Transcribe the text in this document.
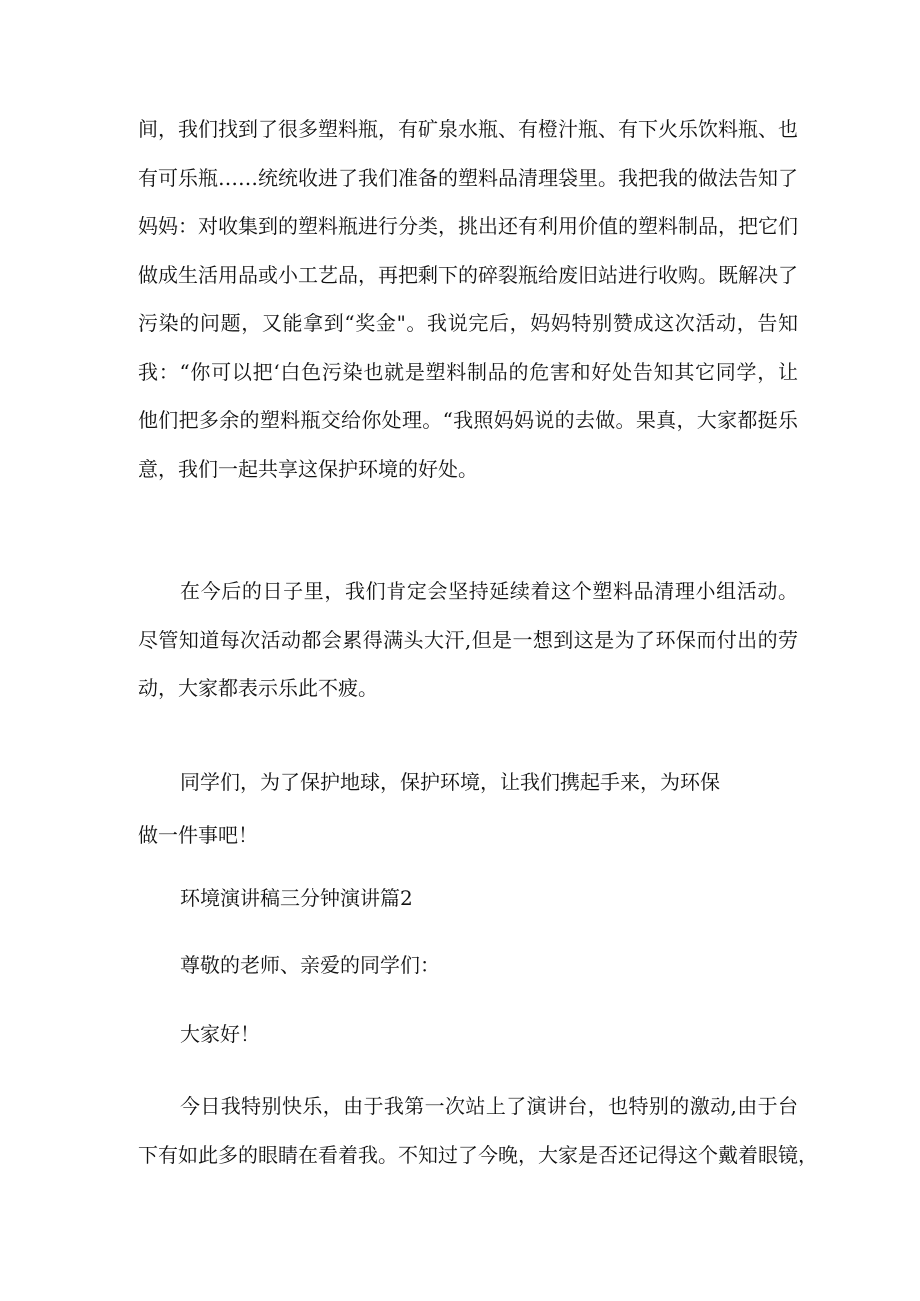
间，我们找到了很多塑料瓶，有矿泉水瓶、有橙汁瓶、有下火乐饮料瓶、也
有可乐瓶……统统收进了我们准备的塑料品清理袋里。我把我的做法告知了
妈妈：对收集到的塑料瓶进行分类，挑出还有利用价值的塑料制品，把它们
做成生活用品或小工艺品，再把剩下的碎裂瓶给废旧站进行收购。既解决了
污染的问题，又能拿到“奖金"。我说完后，妈妈特别赞成这次活动，告知
我：“你可以把‘白色污染也就是塑料制品的危害和好处告知其它同学，让
他们把多余的塑料瓶交给你处理。“我照妈妈说的去做。果真，大家都挺乐
意，我们一起共享这保护环境的好处。
在今后的日子里，我们肯定会坚持延续着这个塑料品清理小组活动。
尽管知道每次活动都会累得满头大汗,但是一想到这是为了环保而付出的劳
动，大家都表示乐此不疲。
同学们，为了保护地球，保护环境，让我们携起手来，为环保
做一件事吧！
环境演讲稿三分钟演讲篇2
尊敬的老师、亲爱的同学们：
大家好！
今日我特别快乐，由于我第一次站上了演讲台，也特别的激动,由于台
下有如此多的眼睛在看着我。不知过了今晚，大家是否还记得这个戴着眼镜，
